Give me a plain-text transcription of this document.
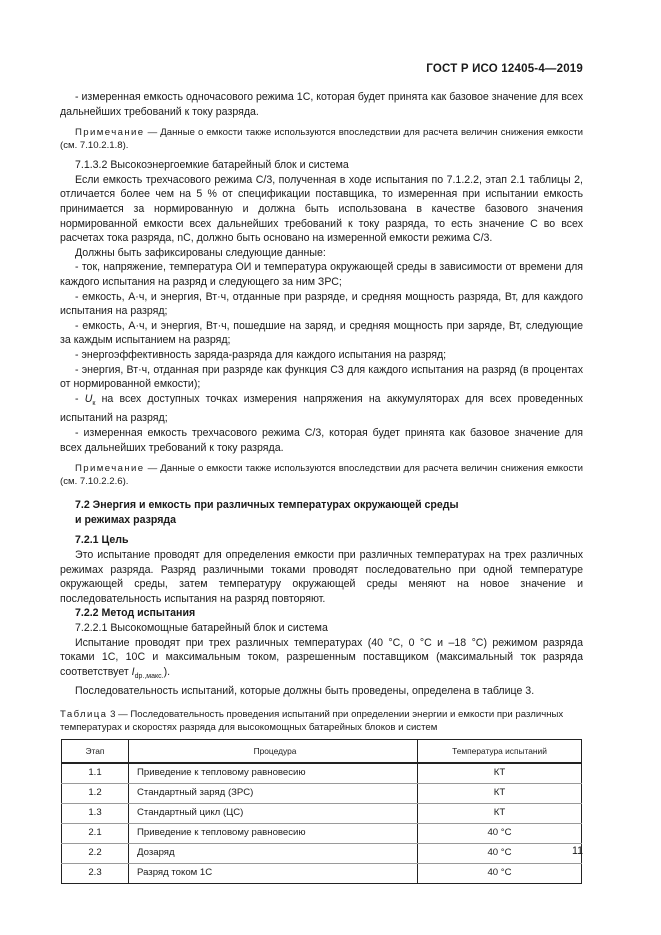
ГОСТ Р ИСО 12405-4—2019

- измеренная емкость одночасового режима 1С, которая будет принята как базовое значение для всех дальнейших требований к току разряда.

Примечание — Данные о емкости также используются впоследствии для расчета величин снижения емкости (см. 7.10.2.1.8).

7.1.3.2 Высокоэнергоемкие батарейный блок и система

Если емкость трехчасового режима С/3, полученная в ходе испытания по 7.1.2.2, этап 2.1 таблицы 2, отличается более чем на 5 % от спецификации поставщика, то измеренная при испытании емкость принимается за нормированную и должна быть использована в качестве базового значения нормированной емкости всех дальнейших требований к току разряда, то есть значение С во всех расчетах тока разряда, nС, должно быть основано на измеренной емкости режима С/3.

Должны быть зафиксированы следующие данные:

- ток, напряжение, температура ОИ и температура окружающей среды в зависимости от времени для каждого испытания на разряд и следующего за ним ЗРС;

- емкость, А·ч, и энергия, Вт·ч, отданные при разряде, и средняя мощность разряда, Вт, для каждого испытания на разряд;

- емкость, А·ч, и энергия, Вт·ч, пошедшие на заряд, и средняя мощность при заряде, Вт, следующие за каждым испытанием на разряд;

- энергоэффективность заряда-разряда для каждого испытания на разряд;

- энергия, Вт·ч, отданная при разряде как функция С3 для каждого испытания на разряд (в процентах от нормированной емкости);

- $U_к$ на всех доступных точках измерения напряжения на аккумуляторах для всех проведенных испытаний на разряд;

- измеренная емкость трехчасового режима С/3, которая будет принята как базовое значение для всех дальнейших требований к току разряда.

Примечание — Данные о емкости также используются впоследствии для расчета величин снижения емкости (см. 7.10.2.2.6).

7.2 Энергия и емкость при различных температурах окружающей среды

и режимах разряда

7.2.1 Цель

Это испытание проводят для определения емкости при различных температурах на трех различных режимах разряда. Разряд различными токами проводят последовательно при одной температуре окружающей среды, затем температуру окружающей среды меняют на новое значение и последовательность испытания на разряд повторяют.

7.2.2 Метод испытания

7.2.2.1 Высокомощные батарейный блок и система

Испытание проводят при трех различных температурах (40 °С, 0 °С и –18 °С) режимом разряда токами 1С, 10С и максимальным током, разрешенным поставщиком (максимальный ток разряда соответствует $I_{dp.,макс.}$).

Последовательность испытаний, которые должны быть проведены, определена в таблице 3.

Таблица 3 — Последовательность проведения испытаний при определении энергии и емкости при различных температурах и скоростях разряда для высокомощных батарейных блоков и систем

Этап	Процедура	Температура испытаний
1.1	Приведение к тепловому равновесию	КТ
1.2	Стандартный заряд (ЗРС)	КТ
1.3	Стандартный цикл (ЦС)	КТ
2.1	Приведение к тепловому равновесию	40 °С
2.2	Дозаряд	40 °С
2.3	Разряд током 1С	40 °С
11
